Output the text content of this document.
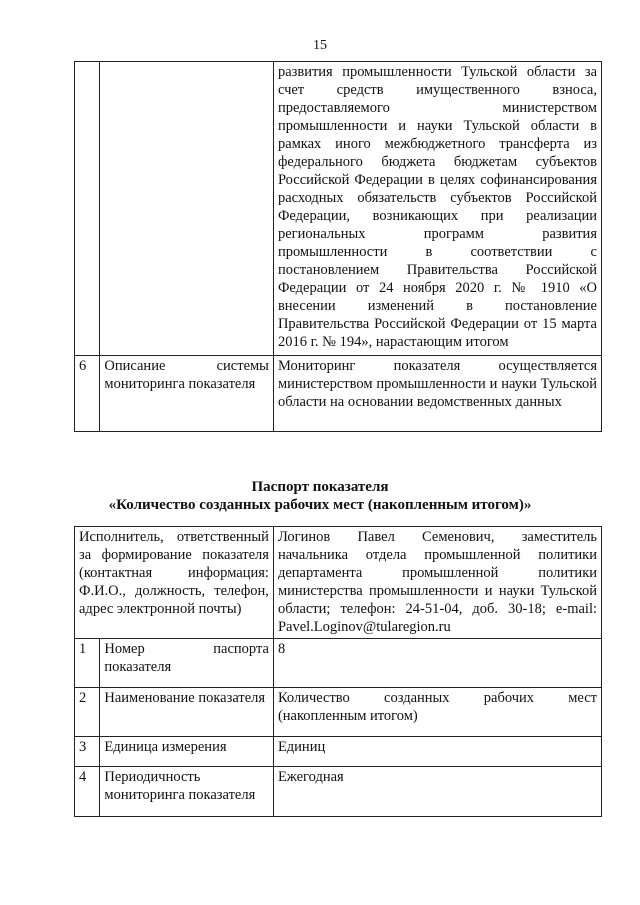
15
		развития промышленности Тульской области за счет средств имущественного взноса, предоставляемого министерством промышленности и науки Тульской области в рамках иного межбюджетного трансферта из федерального бюджета бюджетам субъектов Российской Федерации в целях софинансирования расходных обязательств субъектов Российской Федерации, возникающих при реализации региональных программ развития промышленности в соответствии с постановлением Правительства Российской Федерации от 24 ноября 2020 г. № 1910 «О внесении изменений в постановление Правительства Российской Федерации от 15 марта 2016 г. № 194», нарастающим итогом
6	Описание системы мониторинга показателя	Мониторинг показателя осуществляется министерством промышленности и науки Тульской области на основании ведомственных данных
Паспорт показателя
«Количество созданных рабочих мест (накопленным итогом)»
Исполнитель, ответственный за формирование показателя (контактная информация: Ф.И.О., должность, телефон, адрес электронной почты)		Логинов Павел Семенович, заместитель начальника отдела промышленной политики департамента промышленной политики министерства промышленности и науки Тульской области; телефон: 24-51-04, доб. 30-18; e-mail: Pavel.Loginov@tularegion.ru
1	Номер паспорта показателя	8
2	Наименование показателя	Количество созданных рабочих мест (накопленным итогом)
3	Единица измерения	Единиц
4	Периодичность мониторинга показателя	Ежегодная
